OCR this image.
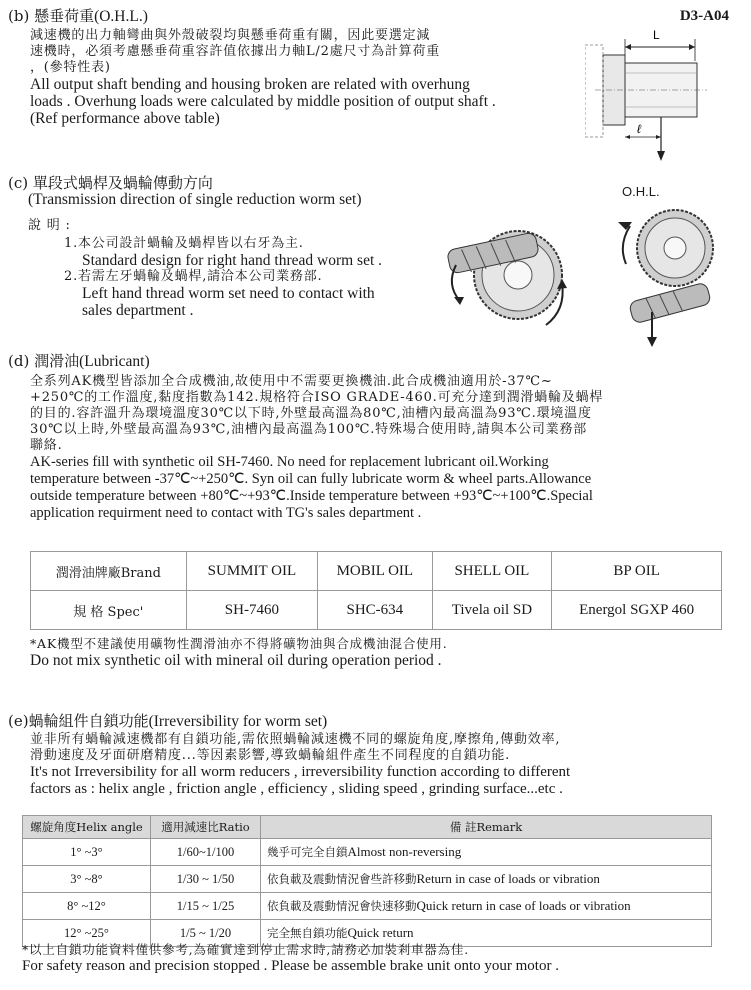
D3-A04
(b) 懸垂荷重(O.H.L.)

減速機的出力軸彎曲與外殼破裂均與懸垂荷重有關，因此要選定減

速機時，必須考慮懸垂荷重容許值依據出力軸L/2處尺寸為計算荷重

，(參特性表)

All output shaft bending and housing broken are related with overhung

loads . Overhung loads were calculated by middle position of output shaft .

(Ref performance above table)

L
ℓ
(c) 單段式蝸桿及蝸輪傳動方向
(Transmission direction of single reduction worm set)
說 明 :

1.本公司設計蝸輪及蝸桿皆以右牙為主.

Standard design for right hand thread worm set .

2.若需左牙蝸輪及蝸桿,請洽本公司業務部.

Left hand thread worm set need to contact with

sales department .

O.H.L.
(d) 潤滑油(Lubricant)

全系列AK機型皆添加全合成機油,故使用中不需要更換機油.此合成機油適用於-37℃~

+250℃的工作溫度,黏度指數為142.規格符合ISO GRADE-460.可充分達到潤滑蝸輪及蝸桿

的目的.容許溫升為環境溫度30℃以下時,外壁最高溫為80℃,油槽內最高溫為93℃.環境溫度

30℃以上時,外壁最高溫為93℃,油槽內最高溫為100℃.特殊場合使用時,請與本公司業務部

聯絡.

AK-series fill with synthetic oil SH-7460. No need for replacement lubricant oil.Working

temperature between -37℃~+250℃. Syn oil can fully lubricate worm & wheel parts.Allowance

outside temperature between +80℃~+93℃.Inside temperature between +93℃~+100℃.Special

application requirment need to contact with TG's sales department .

潤滑油牌廠Brand	SUMMIT OIL	MOBIL OIL	SHELL OIL	BP OIL
規 格 Spec'	SH-7460	SHC-634	Tivela oil SD	Energol SGXP 460

*AK機型不建議使用礦物性潤滑油亦不得將礦物油與合成機油混合使用.

Do not mix synthetic oil with mineral oil during operation period .

(e)蝸輪組件自鎖功能(Irreversibility for worm set)

並非所有蝸輪減速機都有自鎖功能,需依照蝸輪減速機不同的螺旋角度,摩擦角,傳動效率,

滑動速度及牙面研磨精度...等因素影響,導致蝸輪組件產生不同程度的自鎖功能.

It's not Irreversibility for all worm reducers , irreversibility function according to different

factors as : helix angle , friction angle , efficiency , sliding speed , grinding surface...etc .

螺旋角度Helix angle	適用減速比Ratio	備 註Remark
1° ~3°	1/60~1/100	幾乎可完全自鎖Almost non-reversing
3° ~8°	1/30 ~ 1/50	依負載及震動情況會些許移動Return in case of loads or vibration
8° ~12°	1/15 ~ 1/25	依負載及震動情況會快速移動Quick return in case of loads or vibration
12° ~25°	1/5 ~ 1/20	完全無自鎖功能Quick return

*以上自鎖功能資料僅供參考,為確實達到停止需求時,請務必加裝剎車器為佳.

For safety reason and precision stopped . Please be assemble brake unit onto your motor .
